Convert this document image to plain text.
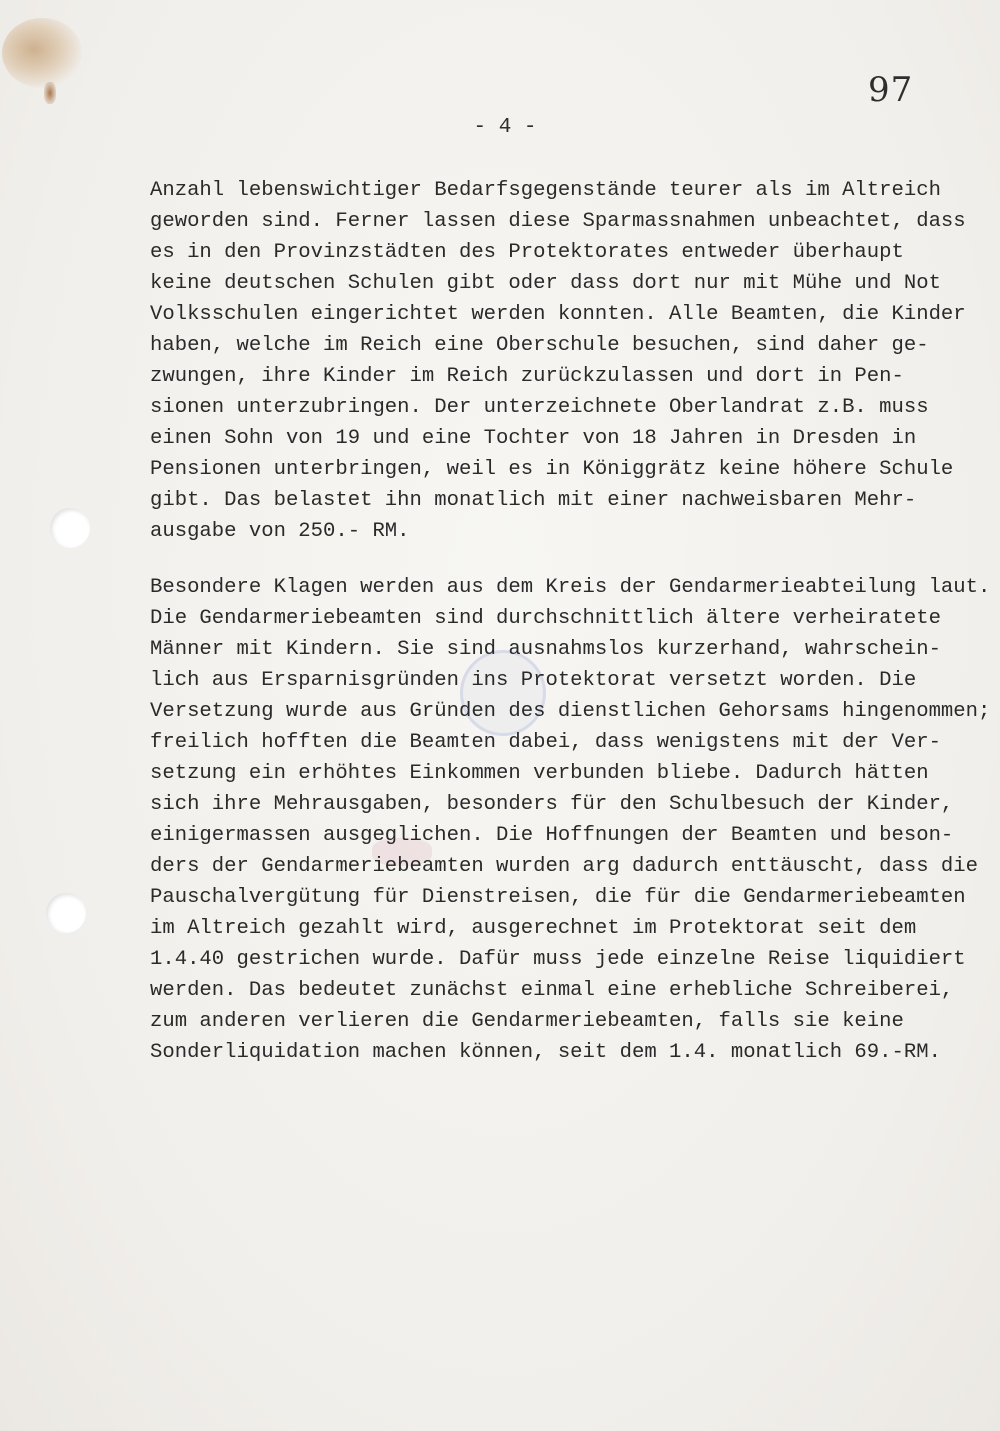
97
- 4 -
Anzahl lebenswichtiger Bedarfsgegenstände teurer als im Altreich
geworden sind. Ferner lassen diese Sparmassnahmen unbeachtet, dass
es in den Provinzstädten des Protektorates entweder überhaupt
keine deutschen Schulen gibt oder dass dort nur mit Mühe und Not
Volksschulen eingerichtet werden konnten. Alle Beamten, die Kinder
haben, welche im Reich eine Oberschule besuchen, sind daher ge-
zwungen, ihre Kinder im Reich zurückzulassen und dort in Pen-
sionen unterzubringen. Der unterzeichnete Oberlandrat z.B. muss
einen Sohn von 19 und eine Tochter von 18 Jahren in Dresden in
Pensionen unterbringen, weil es in Königgrätz keine höhere Schule
gibt. Das belastet ihn monatlich mit einer nachweisbaren Mehr-
ausgabe von 250.- RM.
Besondere Klagen werden aus dem Kreis der Gendarmerieabteilung laut.
Die Gendarmeriebeamten sind durchschnittlich ältere verheiratete
Männer mit Kindern. Sie sind ausnahmslos kurzerhand, wahrschein-
lich aus Ersparnisgründen ins Protektorat versetzt worden. Die
Versetzung wurde aus Gründen des dienstlichen Gehorsams hingenommen;
freilich hofften die Beamten dabei, dass wenigstens mit der Ver-
setzung ein erhöhtes Einkommen verbunden bliebe. Dadurch hätten
sich ihre Mehrausgaben, besonders für den Schulbesuch der Kinder,
einigermassen ausgeglichen. Die Hoffnungen der Beamten und beson-
ders der Gendarmeriebeamten wurden arg dadurch enttäuscht, dass die
Pauschalvergütung für Dienstreisen, die für die Gendarmeriebeamten
im Altreich gezahlt wird, ausgerechnet im Protektorat seit dem
1.4.40 gestrichen wurde. Dafür muss jede einzelne Reise liquidiert
werden. Das bedeutet zunächst einmal eine erhebliche Schreiberei,
zum anderen verlieren die Gendarmeriebeamten, falls sie keine
Sonderliquidation machen können, seit dem 1.4. monatlich 69.-RM.
